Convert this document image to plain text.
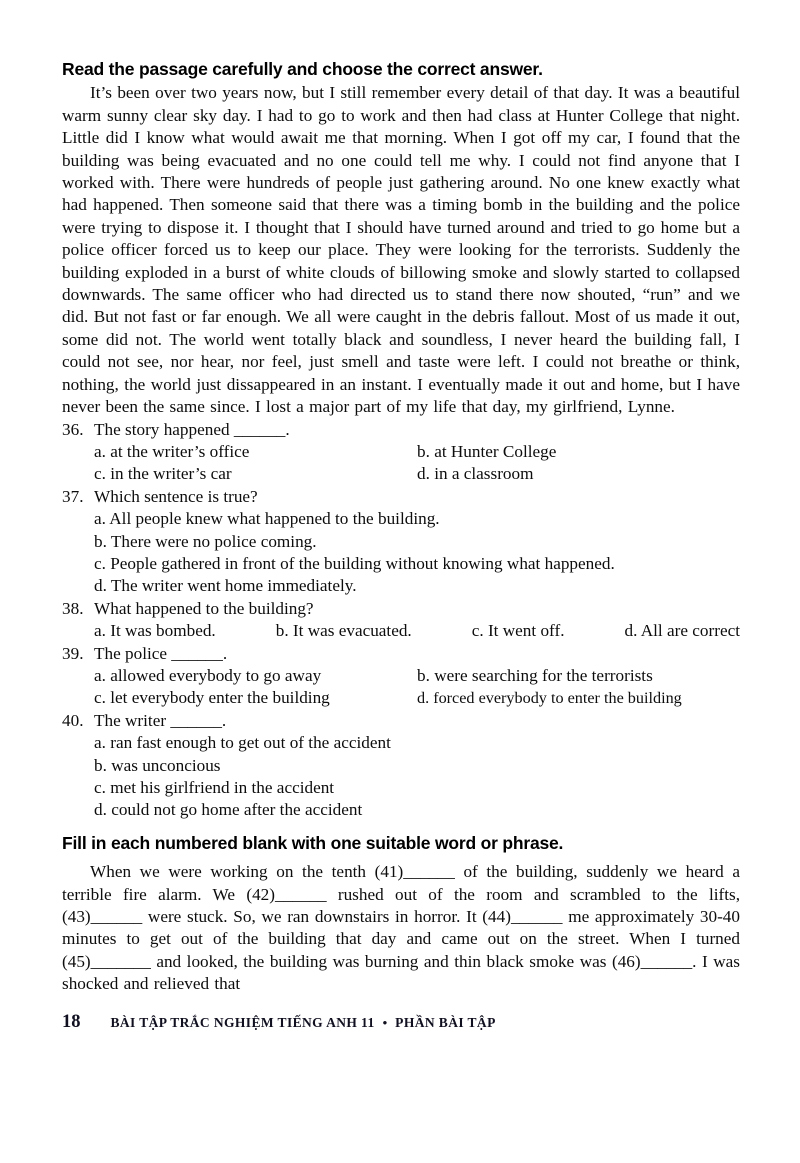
Read the passage carefully and choose the correct answer.

It’s been over two years now, but I still remember every detail of that day. It was a beautiful warm sunny clear sky day. I had to go to work and then had class at Hunter College that night. Little did I know what would await me that morning. When I got off my car, I found that the building was being evacuated and no one could tell me why. I could not find anyone that I worked with. There were hundreds of people just gathering around. No one knew exactly what had happened. Then someone said that there was a timing bomb in the building and the police were trying to dispose it. I thought that I should have turned around and tried to go home but a police officer forced us to keep our place. They were looking for the terrorists. Suddenly the building exploded in a burst of white clouds of billowing smoke and slowly started to collapsed downwards. The same officer who had directed us to stand there now shouted, “run” and we did. But not fast or far enough. We all were caught in the debris fallout. Most of us made it out, some did not. The world went totally black and soundless, I never heard the building fall, I could not see, nor hear, nor feel, just smell and taste were left. I could not breathe or think, nothing, the world just dissappeared in an instant. I eventually made it out and home, but I have never been the same since. I lost a major part of my life that day, my girlfriend, Lynne.

36. The story happened ______.
a. at the writer’s office	b. at Hunter College
c. in the writer’s car	d. in a classroom
37. Which sentence is true?
a. All people knew what happened to the building.
b. There were no police coming.
c. People gathered in front of the building without knowing what happened.
d. The writer went home immediately.
38. What happened to the building?
a. It was bombed.	b. It was evacuated.	c. It went off.	d. All are correct
39. The police ______.
a. allowed everybody to go away	b. were searching for the terrorists
c. let everybody enter the building	d. forced everybody to enter the building
40. The writer ______.
a. ran fast enough to get out of the accident
b. was unconcious
c. met his girlfriend in the accident
d. could not go home after the accident
Fill in each numbered blank with one suitable word or phrase.

When we were working on the tenth (41)______ of the building, suddenly we heard a terrible fire alarm. We (42)______ rushed out of the room and scrambled to the lifts, (43)______ were stuck. So, we ran downstairs in horror. It (44)______ me approximately 30-40 minutes to get out of the building that day and came out on the street. When I turned (45)_______ and looked, the building was burning and thin black smoke was (46)______. I was shocked and relieved that

18 BÀI TẬP TRẮC NGHIỆM TIẾNG ANH 11 • PHẦN BÀI TẬP
